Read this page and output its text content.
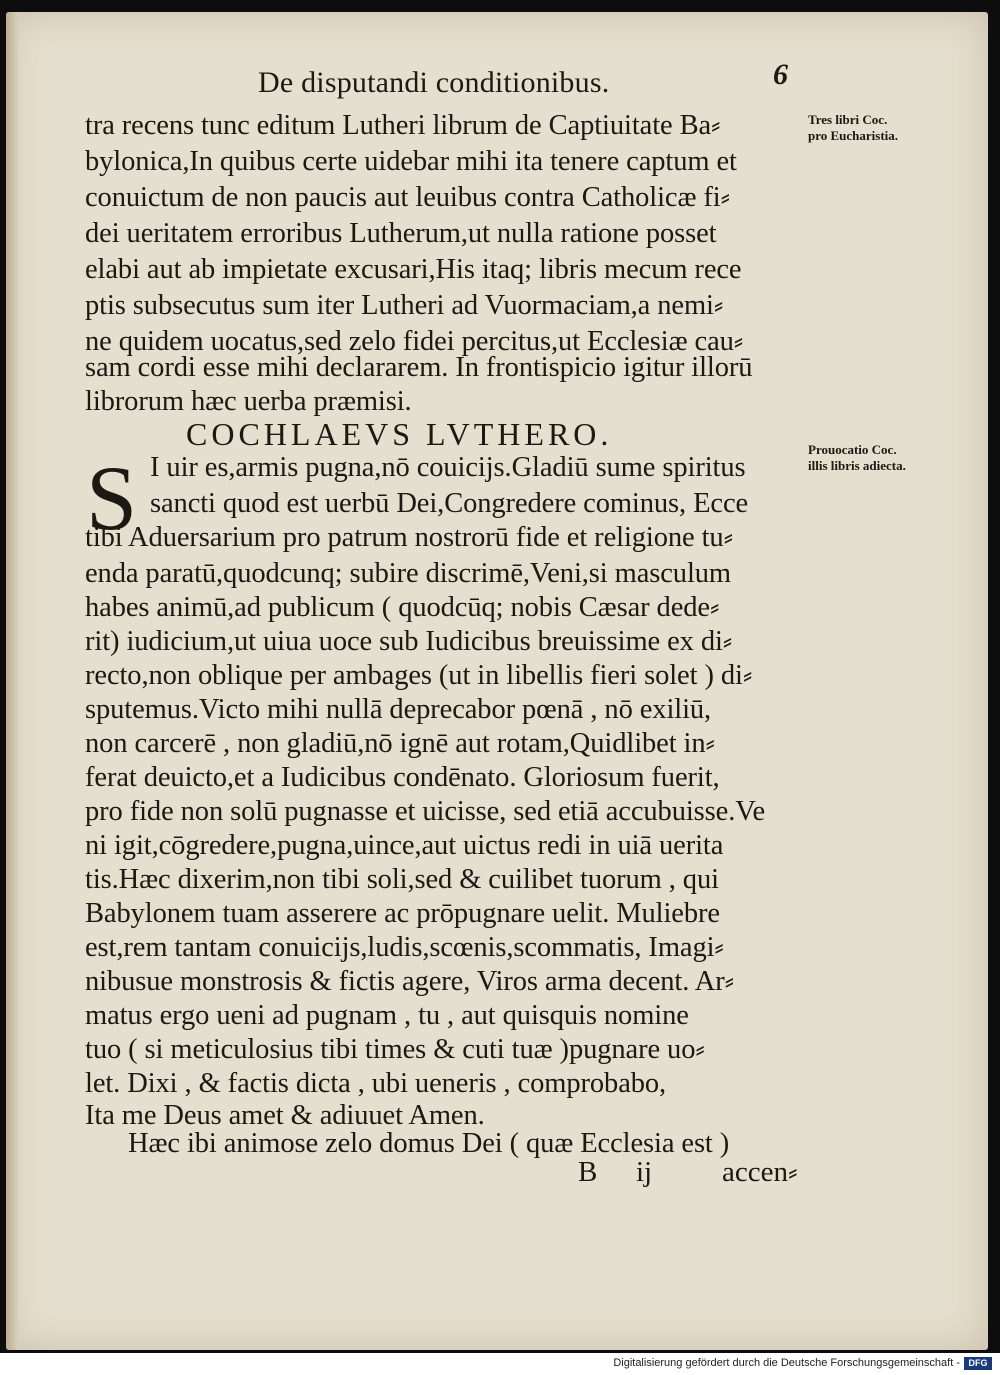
De disputandi conditionibus.	6
tra recens tunc editum Lutheri librum de Captiuitate Ba⸗
bylonica,In quibus certe uidebar mihi ita tenere captum et
conuictum de non paucis aut leuibus contra Catholicæ fi⸗
dei ueritatem erroribus Lutherum,ut nulla ratione posset
elabi aut ab impietate excusari,His itaq; libris mecum rece
ptis subsecutus sum iter Lutheri ad Vuormaciam,a nemi⸗
ne quidem uocatus,sed zelo fidei percitus,ut Ecclesiæ cau⸗
sam cordi esse mihi declararem. In frontispicio igitur illorū
librorum hæc uerba præmisi.
COCHLAEVS LVTHERO.
S I uir es,armis pugna,nō couicijs.Gladiū sume spiritus
sancti quod est uerbū Dei,Congredere cominus, Ecce
tibi Aduersarium pro patrum nostrorū fide et religione tu⸗
enda paratū,quodcunq; subire discrimē,Veni,si masculum
habes animū,ad publicum ( quodcūq; nobis Cæsar dede⸗
rit) iudicium,ut uiua uoce sub Iudicibus breuissime ex di⸗
recto,non oblique per ambages (ut in libellis fieri solet ) di⸗
sputemus.Victo mihi nullā deprecabor pœnā , nō exiliū,
non carcerē , non gladiū,nō ignē aut rotam,Quidlibet in⸗
ferat deuicto,et a Iudicibus condēnato. Gloriosum fuerit,
pro fide non solū pugnasse et uicisse, sed etiā accubuisse.Ve
ni igit,cōgredere,pugna,uince,aut uictus redi in uiā uerita
tis.Hæc dixerim,non tibi soli,sed & cuilibet tuorum , qui
Babylonem tuam asserere ac prōpugnare uelit. Muliebre
est,rem tantam conuicijs,ludis,scœnis,scommatis, Imagi⸗
nibusue monstrosis & fictis agere, Viros arma decent. Ar⸗
matus ergo ueni ad pugnam , tu , aut quisquis nomine
tuo ( si meticulosius tibi times & cuti tuæ )pugnare uo⸗
let. Dixi , & factis dicta , ubi ueneris , comprobabo,
Ita me Deus amet & adiuuet Amen.
Hæc ibi animose zelo domus Dei ( quæ Ecclesia est )
B ij accen⸗
Tres libri Coc.
pro Eucharistia.
Prouocatio Coc.
illis libris adiecta.
Digitalisierung gefördert durch die Deutsche Forschungsgemeinschaft - DFG
